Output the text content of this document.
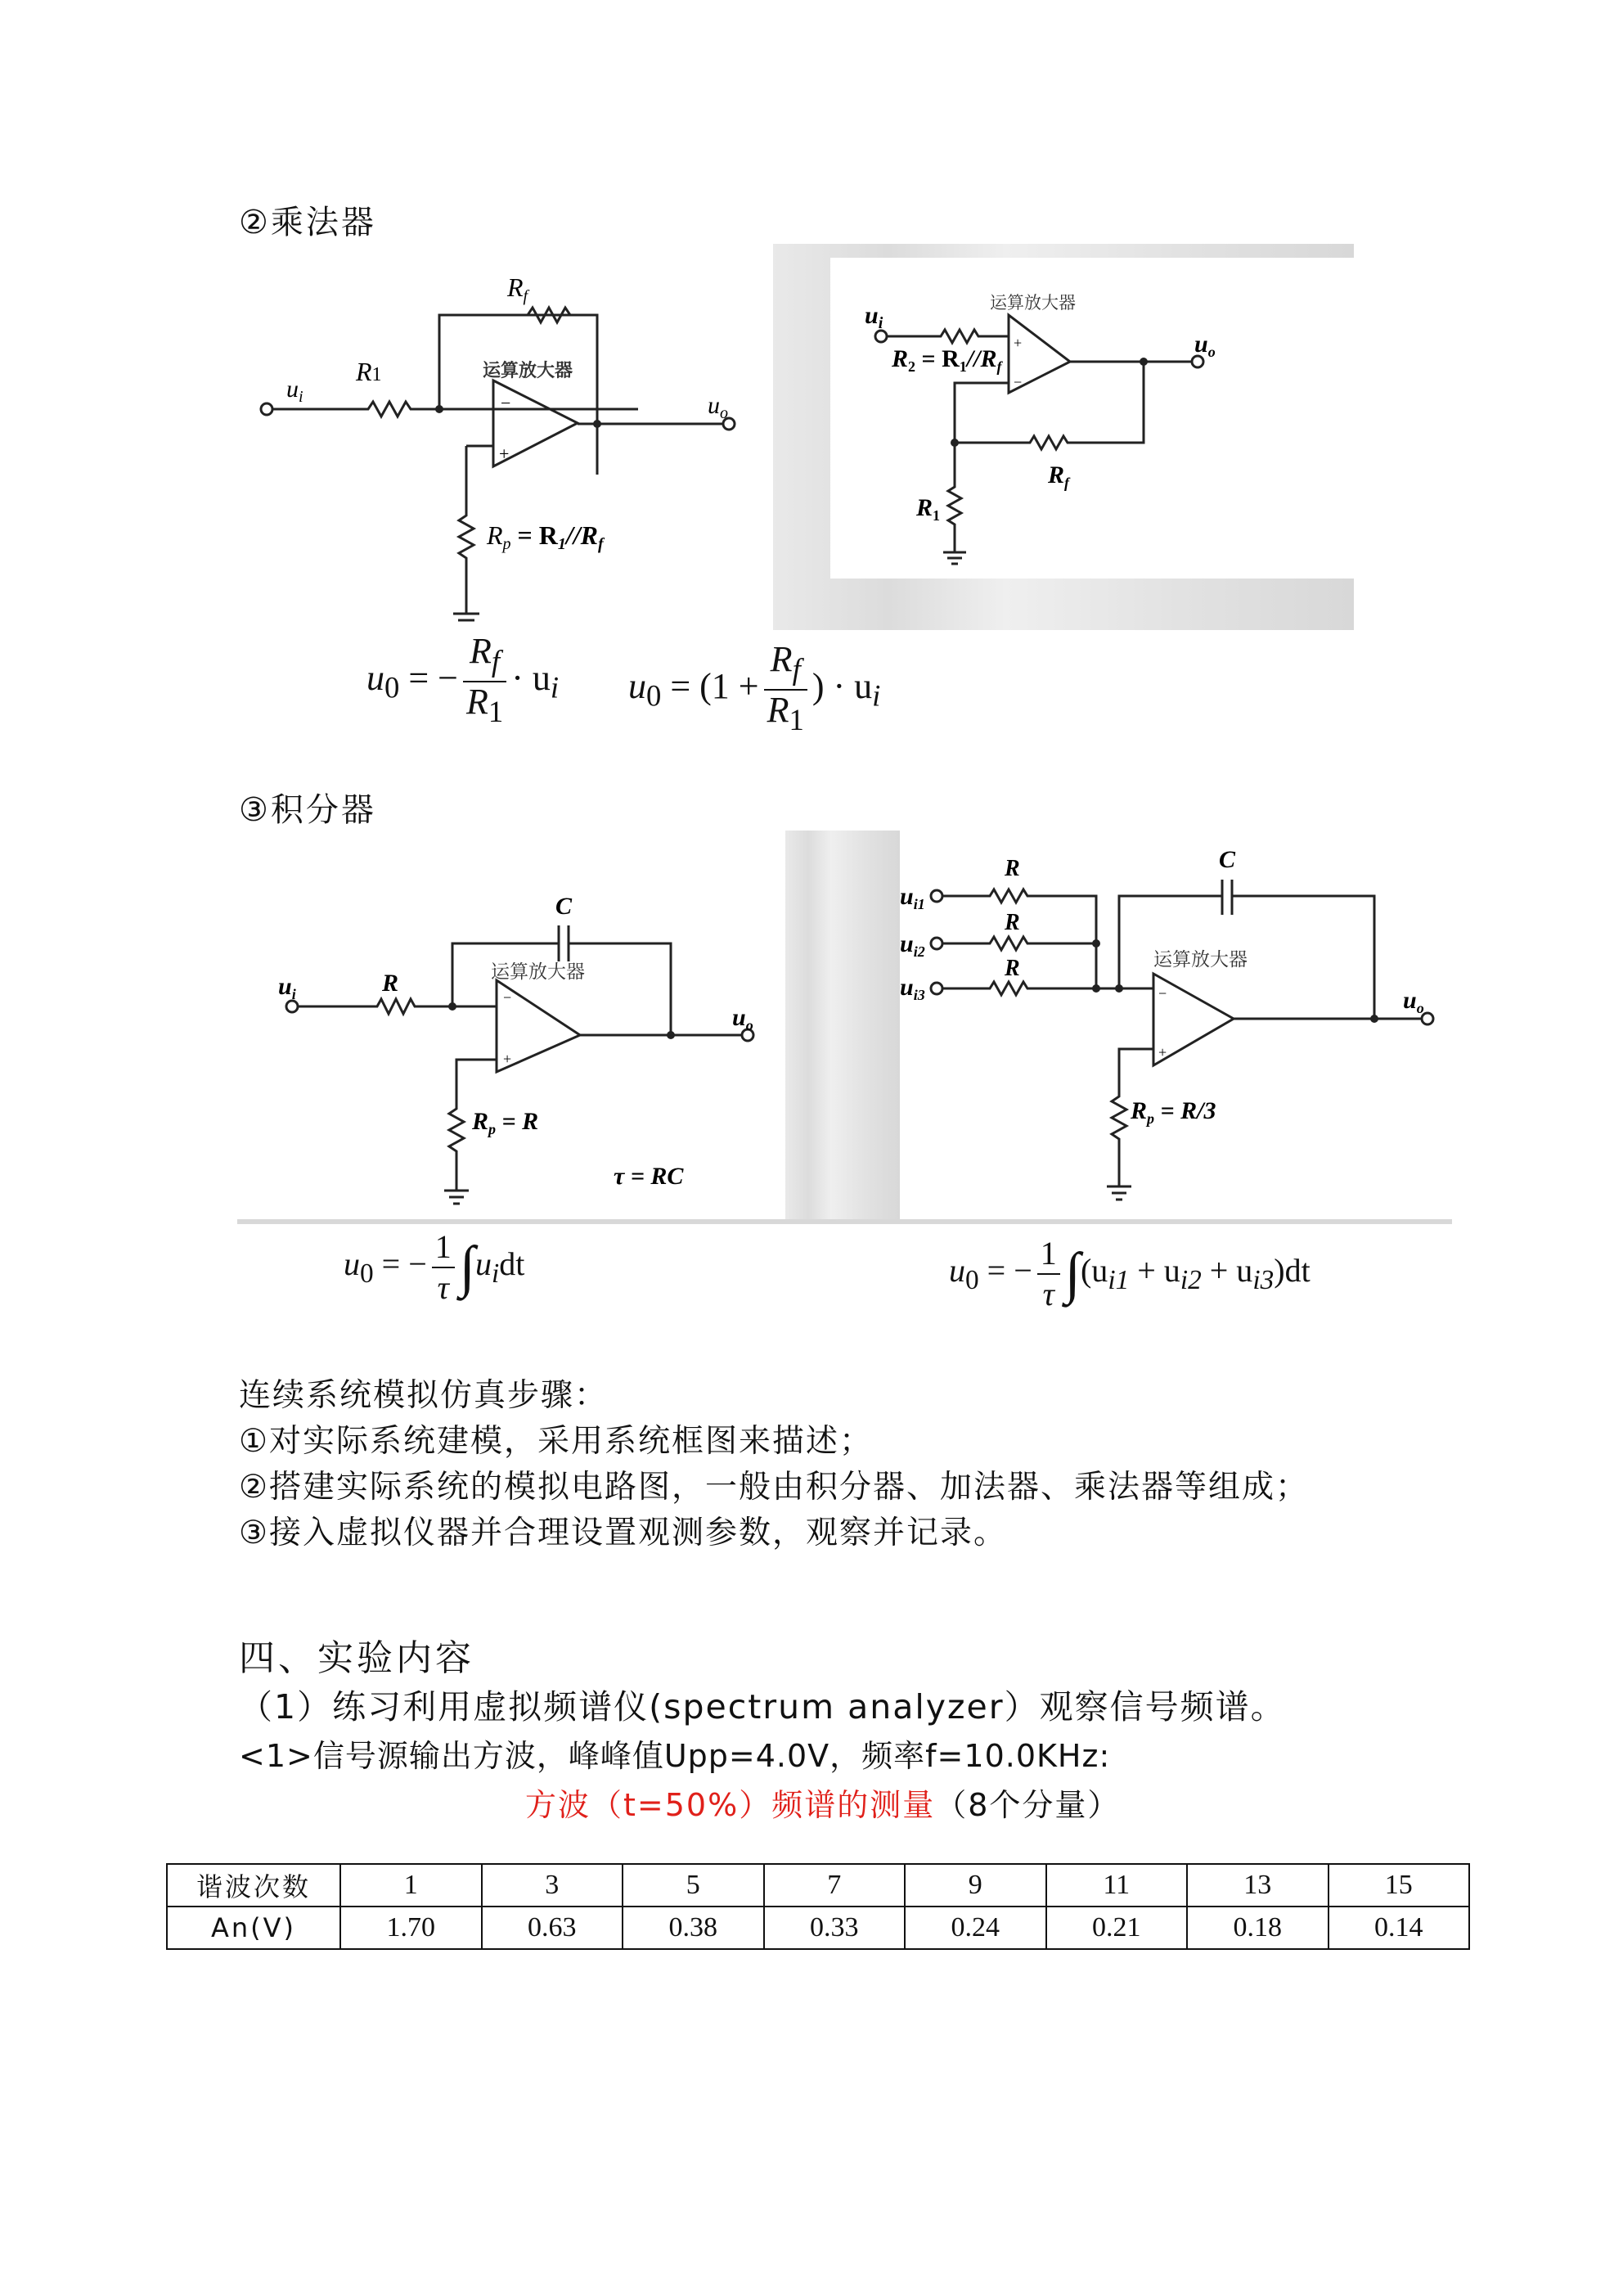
②乘法器
$u_i$
R1
Rf
运算放大器
−
+
$u_o$
Rp = R1//Rf
$u_i$
运算放大器
+
−
$R_2 = R_1//R_f$
$u_o$
$R_f$
$R_1$
$u_0$ = − $\frac{R_f}{R_1} \cdot u_i$ $u_0 = (1 + \frac{R_f}{R_1}$ ) · $u_i$
③积分器
C
$u_i$	R	运算放大器
−
+
$u_o$
$R_p = R$
τ = RC
$u_{i1}$
$u_{i2}$
$u_{i3}$
R
R
R
C
运算放大器
−
+
$u_o$
$R_p = R/3$
$u_0$ = − $\frac{1}{\tau} \int u_idt$	$u_0$ = − $\frac{1}{\tau} \int(u_{i1} + u_{i2} + u_{i3})dt$
连续系统模拟仿真步骤：
①对实际系统建模，采用系统框图来描述；
②搭建实际系统的模拟电路图，一般由积分器、加法器、乘法器等组成；
③接入虚拟仪器并合理设置观测参数，观察并记录。
四、实验内容
（1）练习利用虚拟频谱仪(spectrum analyzer）观察信号频谱。
<1>信号源输出方波，峰峰值Upp=4.0V，频率f=10.0KHz:
方波（t=50%）频谱的测量（8个分量）
谐波次数	1	3	5	7	9	11	13	15
An(V)	1.70	0.63	0.38	0.33	0.24	0.21	0.18	0.14
